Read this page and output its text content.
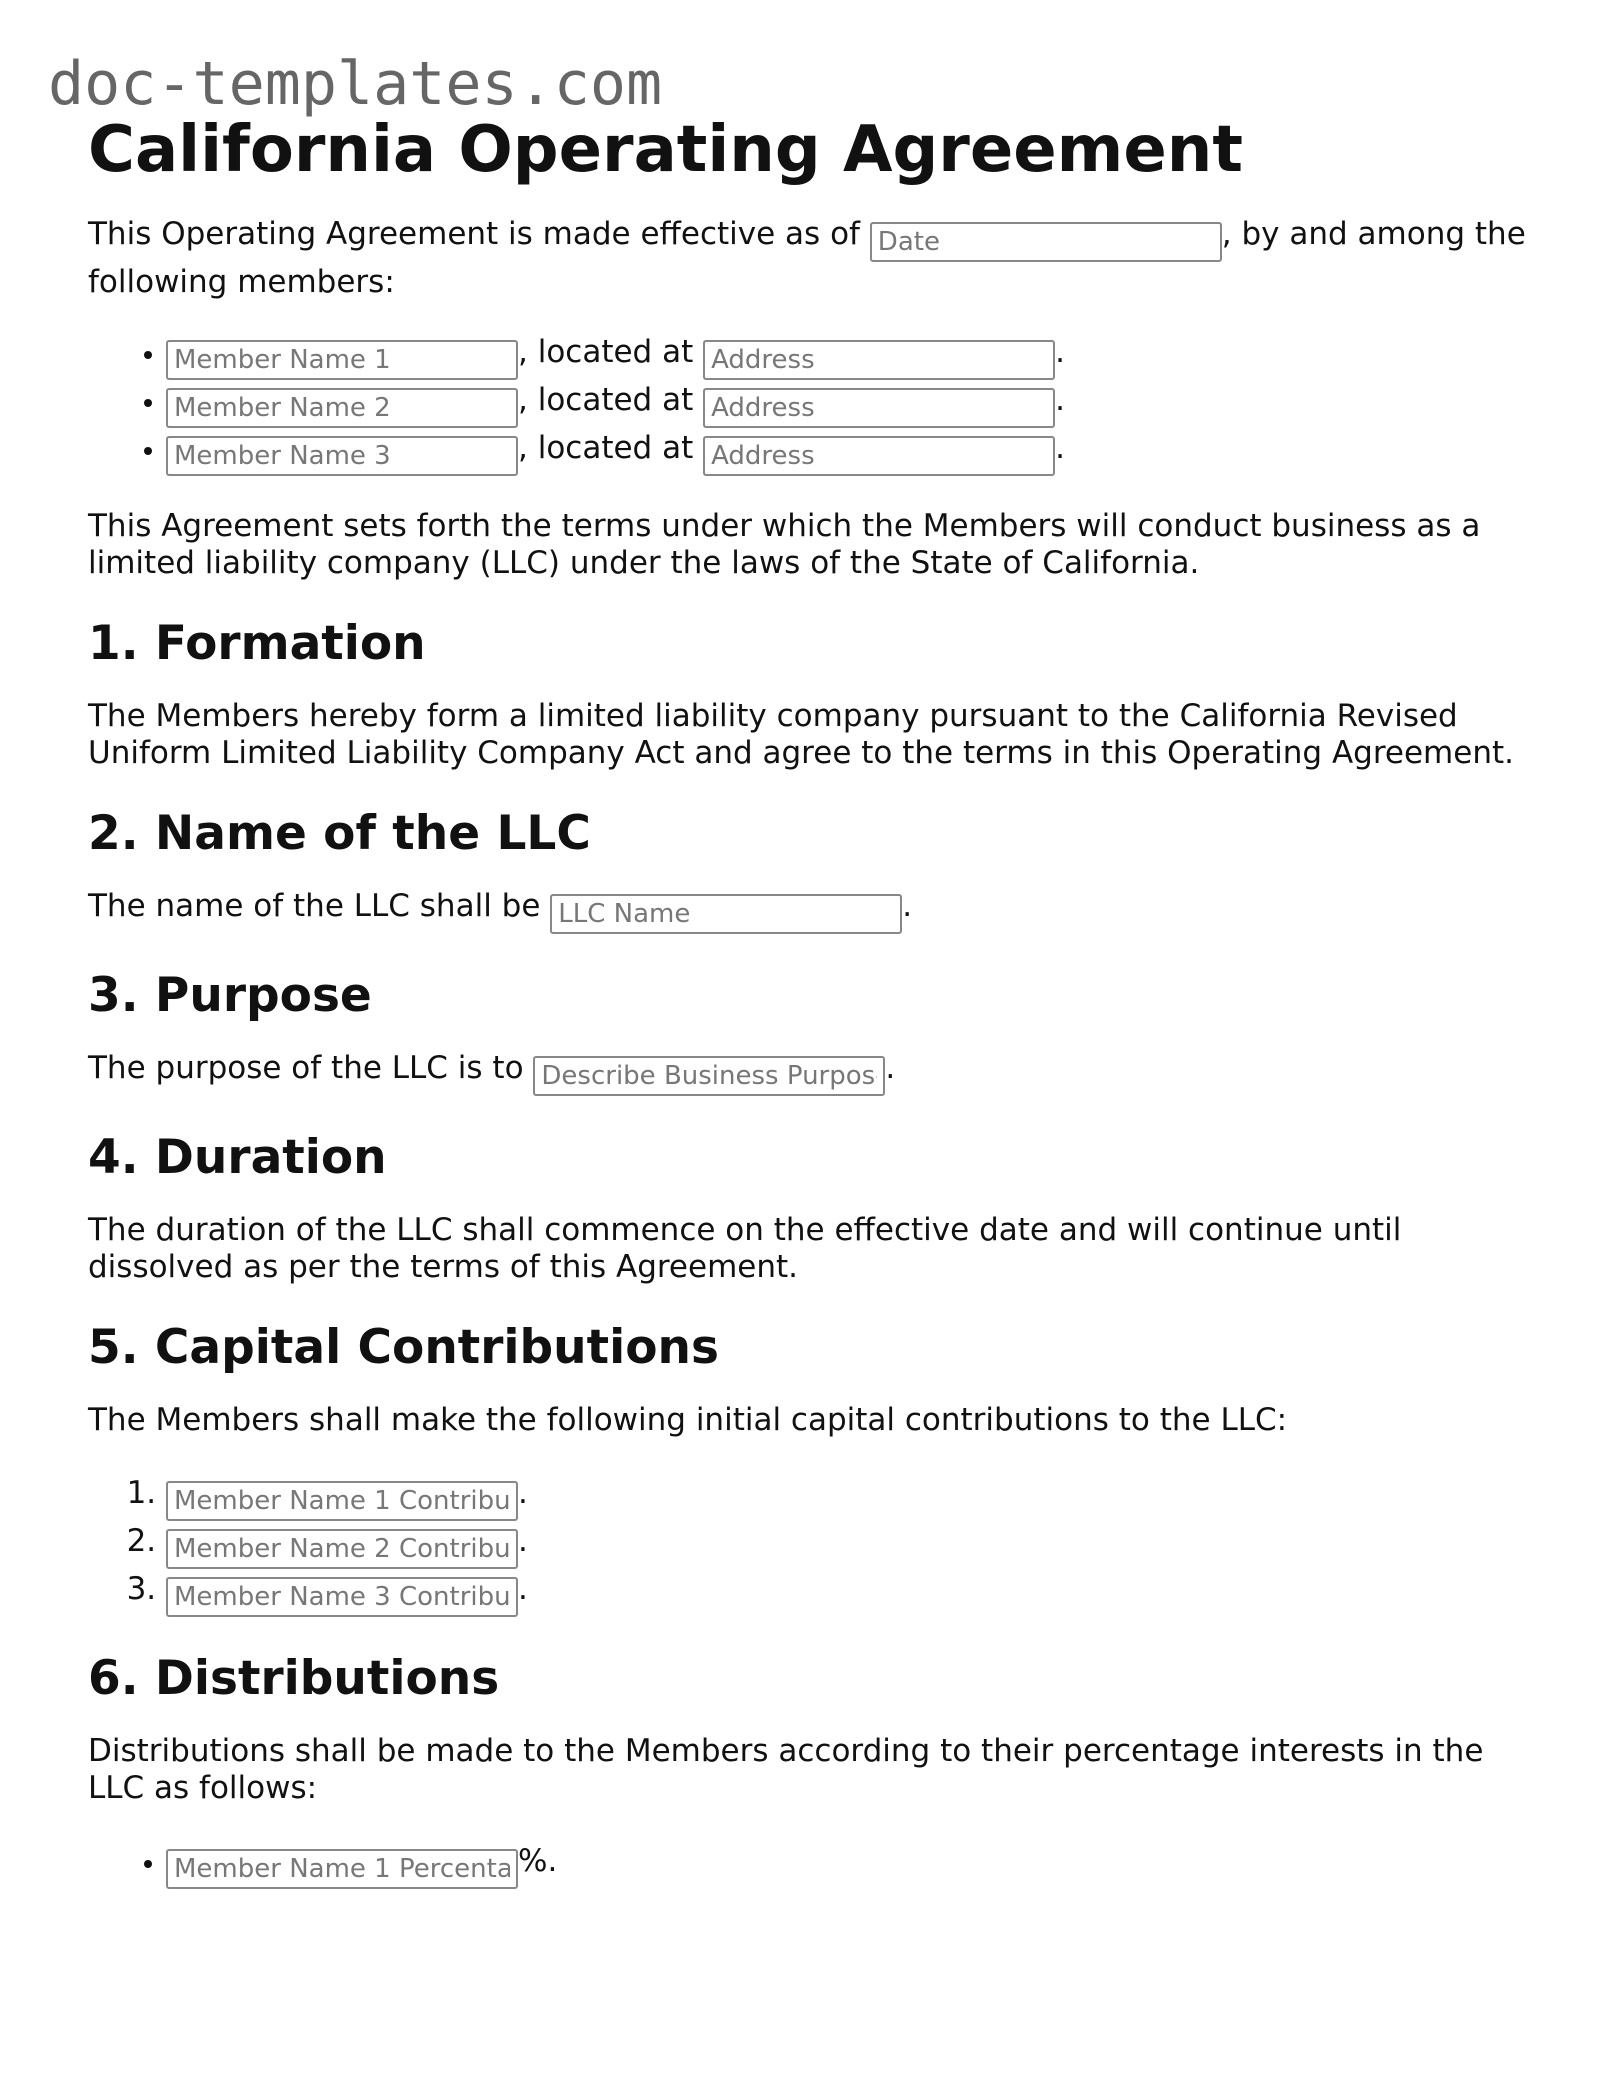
doc-templates.com
California Operating Agreement

This Operating Agreement is made effective as of Date	, by and among the following members:

Member Name 1 • , located at Address	.
Member Name 2 • , located at Address	.
Member Name 3 • , located at Address	.

This Agreement sets forth the terms under which the Members will conduct business as a limited liability company (LLC) under the laws of the State of California.

1. Formation

The Members hereby form a limited liability company pursuant to the California Revised Uniform Limited Liability Company Act and agree to the terms in this Operating Agreement.

2. Name of the LLC

The name of the LLC shall be LLC Name	.

3. Purpose

The purpose of the LLC is to Describe Business Purpose	.

4. Duration

The duration of the LLC shall commence on the effective date and will continue until dissolved as per the terms of this Agreement.

5. Capital Contributions

The Members shall make the following initial capital contributions to the LLC:

Member Name 1 Contribution 1. .
Member Name 2 Contribution 2. .
Member Name 3 Contribution 3. .
6. Distributions

Distributions shall be made to the Members according to their percentage interests in the LLC as follows:

Member Name 1 Percentage • %.
